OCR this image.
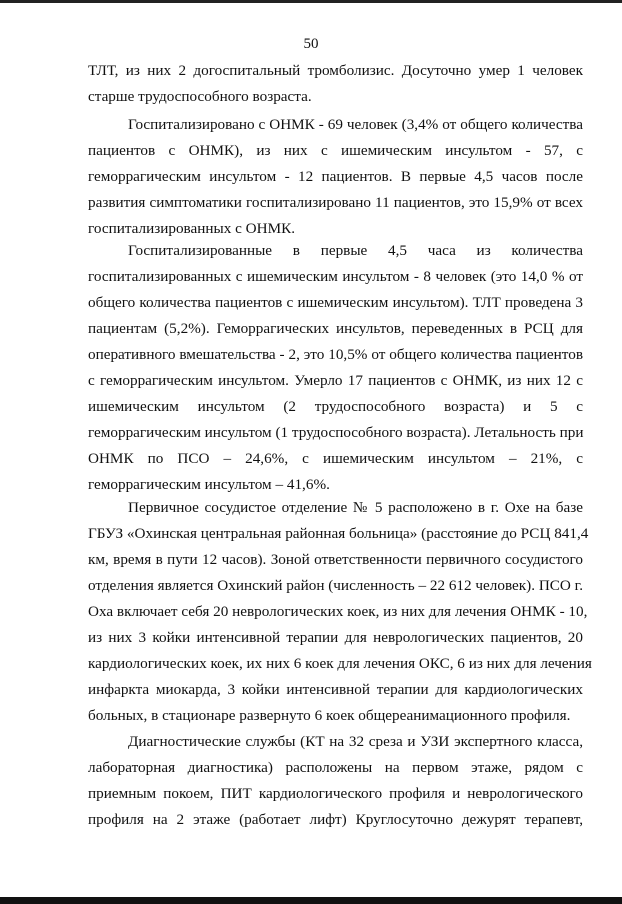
50
ТЛТ, из них 2 догоспитальный тромболизис. Досуточно умер 1 человек
старше трудоспособного возраста.
Госпитализировано с ОНМК - 69 человек (3,4% от общего количества
пациентов с ОНМК), из них с ишемическим инсультом - 57, с
геморрагическим инсультом - 12 пациентов. В первые 4,5 часов после
развития симптоматики госпитализировано 11 пациентов, это 15,9% от всех
госпитализированных с ОНМК.
Госпитализированные в первые 4,5 часа из количества
госпитализированных с ишемическим инсультом - 8 человек (это 14,0 % от
общего количества пациентов с ишемическим инсультом). ТЛТ проведена 3
пациентам (5,2%). Геморрагических инсультов, переведенных в РСЦ для
оперативного вмешательства - 2, это 10,5% от общего количества пациентов
с геморрагическим инсультом. Умерло 17 пациентов с ОНМК, из них 12 с
ишемическим инсультом (2 трудоспособного возраста) и 5 с
геморрагическим инсультом (1 трудоспособного возраста). Летальность при
ОНМК по ПСО – 24,6%, с ишемическим инсультом – 21%, с
геморрагическим инсультом – 41,6%.
Первичное сосудистое отделение № 5 расположено в г. Охе на базе
ГБУЗ «Охинская центральная районная больница» (расстояние до РСЦ 841,4
км, время в пути 12 часов). Зоной ответственности первичного сосудистого
отделения является Охинский район (численность – 22 612 человек). ПСО г.
Оха включает себя 20 неврологических коек, из них для лечения ОНМК - 10,
из них 3 койки интенсивной терапии для неврологических пациентов, 20
кардиологических коек, их них 6 коек для лечения ОКС, 6 из них для лечения
инфаркта миокарда, 3 койки интенсивной терапии для кардиологических
больных, в стационаре развернуто 6 коек общереанимационного профиля.
Диагностические службы (КТ на 32 среза и УЗИ экспертного класса,
лабораторная диагностика) расположены на первом этаже, рядом с
приемным покоем, ПИТ кардиологического профиля и неврологического
профиля на 2 этаже (работает лифт) Круглосуточно дежурят терапевт,
